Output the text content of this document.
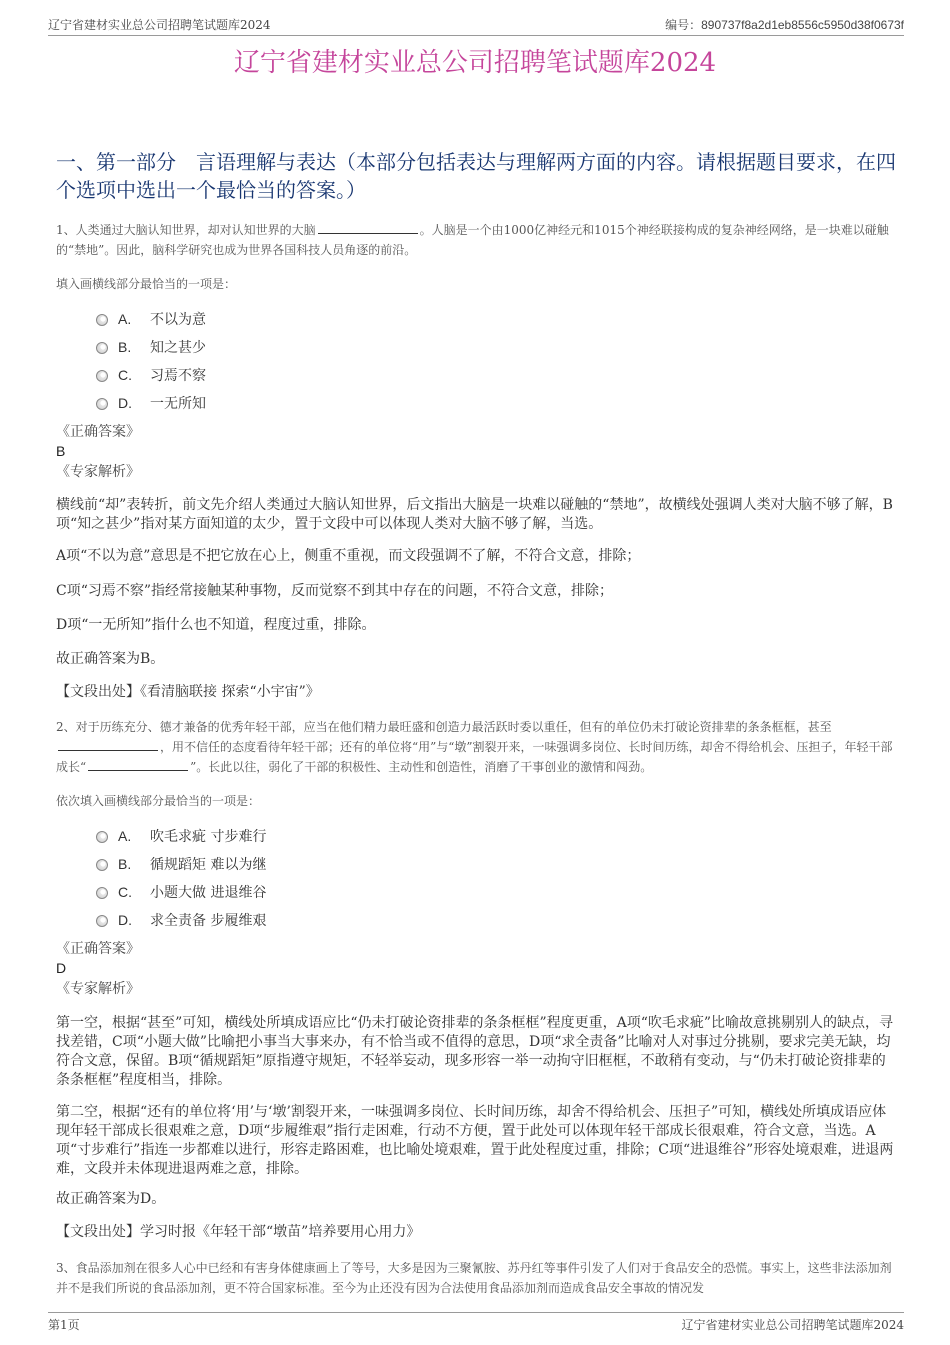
辽宁省建材实业总公司招聘笔试题库2024	编号：890737f8a2d1eb8556c5950d38f0673f
辽宁省建材实业总公司招聘笔试题库2024
一、第一部分 言语理解与表达（本部分包括表达与理解两方面的内容。请根据题目要求，在四个选项中选出一个最恰当的答案。）
1、人类通过大脑认知世界，却对认知世界的大脑	。人脑是一个由1000亿神经元和1015个神经联接构成的复杂神经网络，是一块难以碰触的“禁地”。因此，脑科学研究也成为世界各国科技人员角逐的前沿。
填入画横线部分最恰当的一项是：
A. 不以为意
B. 知之甚少
C. 习焉不察
D. 一无所知
《正确答案》
B
《专家解析》
横线前“却”表转折，前文先介绍人类通过大脑认知世界，后文指出大脑是一块难以碰触的“禁地”，故横线处强调人类对大脑不够了解，B项“知之甚少”指对某方面知道的太少，置于文段中可以体现人类对大脑不够了解，当选。
A项“不以为意”意思是不把它放在心上，侧重不重视，而文段强调不了解，不符合文意，排除；
C项“习焉不察”指经常接触某种事物，反而觉察不到其中存在的问题，不符合文意，排除；
D项“一无所知”指什么也不知道，程度过重，排除。
故正确答案为B。
【文段出处】《看清脑联接 探索“小宇宙”》
2、对于历练充分、德才兼备的优秀年轻干部，应当在他们精力最旺盛和创造力最活跃时委以重任，但有的单位仍未打破论资排辈的条条框框，甚至，用不信任的态度看待年轻干部；还有的单位将“用”与“墩”割裂开来，一味强调多岗位、长时间历练，却舍不得给机会、压担子，年轻干部成长“	”。长此以往，弱化了干部的积极性、主动性和创造性，消磨了干事创业的激情和闯劲。
依次填入画横线部分最恰当的一项是：
A. 吹毛求疵 寸步难行
B. 循规蹈矩 难以为继
C. 小题大做 进退维谷
D. 求全责备 步履维艰
《正确答案》
D
《专家解析》
第一空，根据“甚至”可知，横线处所填成语应比“仍未打破论资排辈的条条框框”程度更重，A项“吹毛求疵”比喻故意挑剔别人的缺点，寻找差错，C项“小题大做”比喻把小事当大事来办，有不恰当或不值得的意思，D项“求全责备”比喻对人对事过分挑剔，要求完美无缺，均符合文意，保留。B项“循规蹈矩”原指遵守规矩，不轻举妄动，现多形容一举一动拘守旧框框，不敢稍有变动，与“仍未打破论资排辈的条条框框”程度相当，排除。
第二空，根据“还有的单位将‘用’与‘墩’割裂开来，一味强调多岗位、长时间历练，却舍不得给机会、压担子”可知，横线处所填成语应体现年轻干部成长很艰难之意，D项“步履维艰”指行走困难，行动不方便，置于此处可以体现年轻干部成长很艰难，符合文意，当选。A项“寸步难行”指连一步都难以进行，形容走路困难，也比喻处境艰难，置于此处程度过重，排除；C项“进退维谷”形容处境艰难，进退两难，文段并未体现进退两难之意，排除。
故正确答案为D。
【文段出处】学习时报《年轻干部“墩苗”培养要用心用力》
3、食品添加剂在很多人心中已经和有害身体健康画上了等号，大多是因为三聚氰胺、苏丹红等事件引发了人们对于食品安全的恐慌。事实上，这些非法添加剂并不是我们所说的食品添加剂，更不符合国家标准。至今为止还没有因为合法使用食品添加剂而造成食品安全事故的情况发
第1页	辽宁省建材实业总公司招聘笔试题库2024
